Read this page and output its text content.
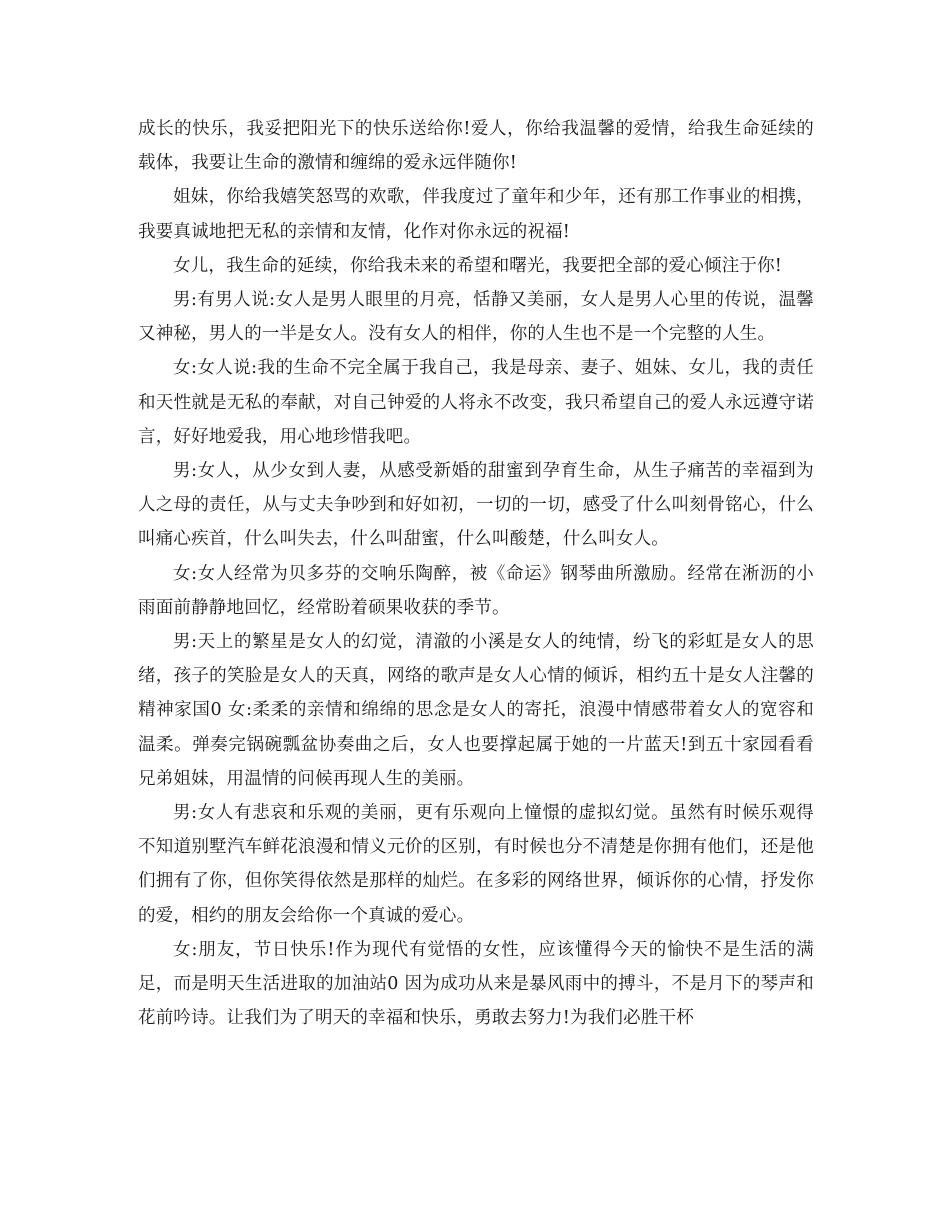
成长的快乐，我妥把阳光下的快乐送给你!爱人，你给我温馨的爱情，给我生命延续的载体，我要让生命的激情和缠绵的爱永远伴随你!

姐妹，你给我嬉笑怒骂的欢歌，伴我度过了童年和少年，还有那工作事业的相携，我要真诚地把无私的亲情和友情，化作对你永远的祝福!

女儿，我生命的延续，你给我未来的希望和曙光，我要把全部的爱心倾注于你!

男:有男人说:女人是男人眼里的月亮，恬静又美丽，女人是男人心里的传说，温馨又神秘，男人的一半是女人。没有女人的相伴，你的人生也不是一个完整的人生。

女:女人说:我的生命不完全属于我自己，我是母亲、妻子、姐妹、女儿，我的责任和天性就是无私的奉献，对自己钟爱的人将永不改变，我只希望自己的爱人永远遵守诺言，好好地爱我，用心地珍惜我吧。

男:女人，从少女到人妻，从感受新婚的甜蜜到孕育生命，从生子痛苦的幸福到为人之母的责任，从与丈夫争吵到和好如初，一切的一切，感受了什么叫刻骨铭心，什么叫痛心疾首，什么叫失去，什么叫甜蜜，什么叫酸楚，什么叫女人。

女:女人经常为贝多芬的交响乐陶醉，被《命运》钢琴曲所激励。经常在淅沥的小雨面前静静地回忆，经常盼着硕果收获的季节。

男:天上的繁星是女人的幻觉，清澈的小溪是女人的纯情，纷飞的彩虹是女人的思绪，孩子的笑脸是女人的天真，网络的歌声是女人心情的倾诉，相约五十是女人注馨的精神家国0 女:柔柔的亲情和绵绵的思念是女人的寄托，浪漫中情感带着女人的宽容和温柔。弹奏完锅碗瓢盆协奏曲之后，女人也要撑起属于她的一片蓝天!到五十家园看看兄弟姐妹，用温情的问候再现人生的美丽。

男:女人有悲哀和乐观的美丽，更有乐观向上憧憬的虚拟幻觉。虽然有时候乐观得不知道别墅汽车鲜花浪漫和情义元价的区别，有时候也分不清楚是你拥有他们，还是他们拥有了你，但你笑得依然是那样的灿烂。在多彩的网络世界，倾诉你的心情，抒发你的爱，相约的朋友会给你一个真诚的爱心。

女:朋友，节日快乐!作为现代有觉悟的女性，应该懂得今天的愉快不是生活的满足，而是明天生活进取的加油站0 因为成功从来是暴风雨中的搏斗，不是月下的琴声和花前吟诗。让我们为了明天的幸福和快乐，勇敢去努力!为我们必胜干杯
